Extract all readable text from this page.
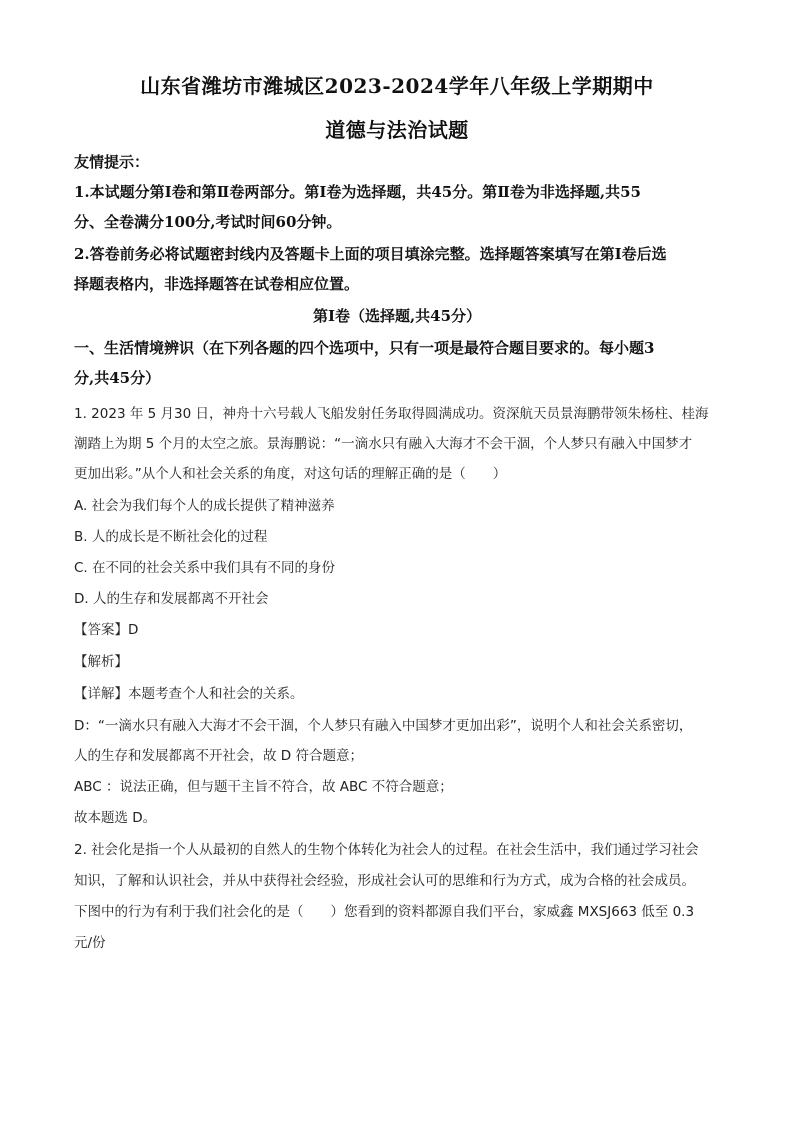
山东省潍坊市潍城区2023-2024学年八年级上学期期中
道德与法治试题
友情提示：
1.本试题分第Ⅰ卷和第Ⅱ卷两部分。第Ⅰ卷为选择题，共45分。第Ⅱ卷为非选择题,共55
分、全卷满分100分,考试时间60分钟。
2.答卷前务必将试题密封线内及答题卡上面的项目填涂完整。选择题答案填写在第Ⅰ卷后选
择题表格内，非选择题答在试卷相应位置。
第Ⅰ卷（选择题,共45分）
一、生活情境辨识（在下列各题的四个选项中，只有一项是最符合题目要求的。每小题3
分,共45分）
1. 2023 年 5 月30 日，神舟十六号载人飞船发射任务取得圆满成功。资深航天员景海鹏带领朱杨柱、桂海
潮踏上为期 5 个月的太空之旅。景海鹏说：“一滴水只有融入大海才不会干涸，个人梦只有融入中国梦才
更加出彩。”从个人和社会关系的角度，对这句话的理解正确的是（　　）
A. 社会为我们每个人的成长提供了精神滋养
B. 人的成长是不断社会化的过程
C. 在不同的社会关系中我们具有不同的身份
D. 人的生存和发展都离不开社会
【答案】D
【解析】
【详解】本题考查个人和社会的关系。
D：“一滴水只有融入大海才不会干涸，个人梦只有融入中国梦才更加出彩”，说明个人和社会关系密切，
人的生存和发展都离不开社会，故 D 符合题意；
ABC ：说法正确，但与题干主旨不符合，故 ABC 不符合题意；
故本题选 D。
2. 社会化是指一个人从最初的自然人的生物个体转化为社会人的过程。在社会生活中，我们通过学习社会
知识，了解和认识社会，并从中获得社会经验，形成社会认可的思维和行为方式，成为合格的社会成员。
下图中的行为有利于我们社会化的是（　　）您看到的资料都源自我们平台，家威鑫 MXSJ663 低至 0.3
元/份
